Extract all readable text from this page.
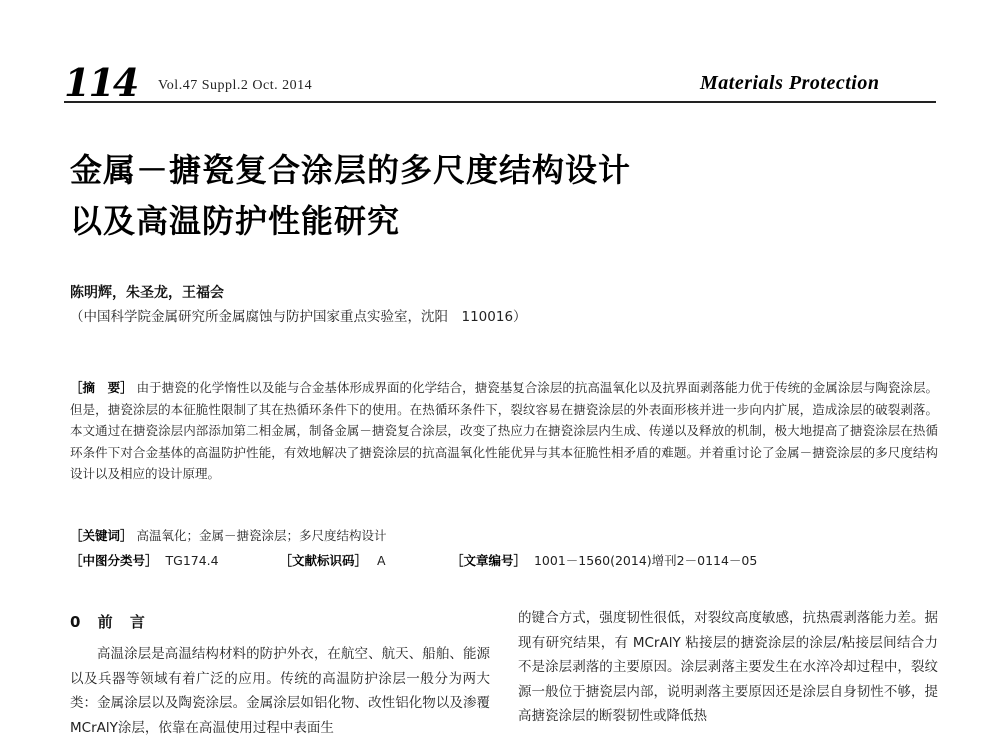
114 Vol.47 Suppl.2 Oct. 2014	Materials Protection
金属－搪瓷复合涂层的多尺度结构设计
以及高温防护性能研究
陈明辉，朱圣龙，王福会
（中国科学院金属研究所金属腐蚀与防护国家重点实验室，沈阳　110016）
［摘　要］ 由于搪瓷的化学惰性以及能与合金基体形成界面的化学结合，搪瓷基复合涂层的抗高温氧化以及抗界面剥落能力优于传统的金属涂层与陶瓷涂层。但是，搪瓷涂层的本征脆性限制了其在热循环条件下的使用。在热循环条件下，裂纹容易在搪瓷涂层的外表面形核并进一步向内扩展，造成涂层的破裂剥落。本文通过在搪瓷涂层内部添加第二相金属，制备金属－搪瓷复合涂层，改变了热应力在搪瓷涂层内生成、传递以及释放的机制，极大地提高了搪瓷涂层在热循环条件下对合金基体的高温防护性能，有效地解决了搪瓷涂层的抗高温氧化性能优异与其本征脆性相矛盾的难题。并着重讨论了金属－搪瓷涂层的多尺度结构设计以及相应的设计原理。
［关键词］ 高温氧化；金属－搪瓷涂层；多尺度结构设计
［中图分类号］ TG174.4	［文献标识码］ A	［文章编号］ 1001－1560(2014)增刊2－0114－05
0 前 言
高温涂层是高温结构材料的防护外衣，在航空、航天、船舶、能源以及兵器等领域有着广泛的应用。传统的高温防护涂层一般分为两大类：金属涂层以及陶瓷涂层。金属涂层如铝化物、改性铝化物以及渗覆MCrAlY涂层，依靠在高温使用过程中表面生
的键合方式，强度韧性很低，对裂纹高度敏感，抗热震剥落能力差。据现有研究结果，有 MCrAlY 粘接层的搪瓷涂层的涂层/粘接层间结合力不是涂层剥落的主要原因。涂层剥落主要发生在水淬冷却过程中，裂纹源一般位于搪瓷层内部，说明剥落主要原因还是涂层自身韧性不够，提高搪瓷涂层的断裂韧性或降低热
